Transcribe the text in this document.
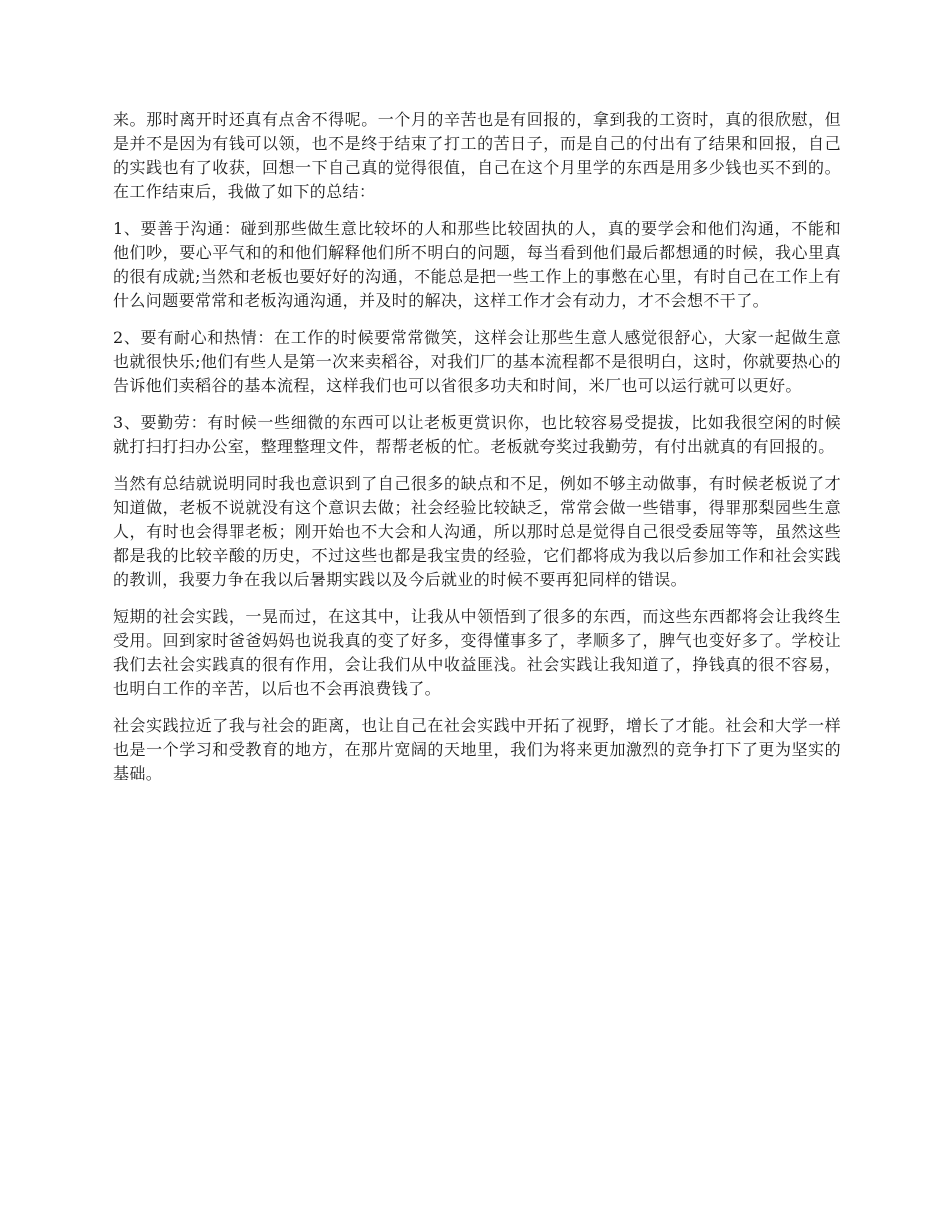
来。那时离开时还真有点舍不得呢。一个月的辛苦也是有回报的，拿到我的工资时，真的很欣慰，但是并不是因为有钱可以领，也不是终于结束了打工的苦日子，而是自己的付出有了结果和回报，自己的实践也有了收获，回想一下自己真的觉得很值，自己在这个月里学的东西是用多少钱也买不到的。在工作结束后，我做了如下的总结：

1、要善于沟通：碰到那些做生意比较坏的人和那些比较固执的人，真的要学会和他们沟通，不能和他们吵，要心平气和的和他们解释他们所不明白的问题，每当看到他们最后都想通的时候，我心里真的很有成就;当然和老板也要好好的沟通，不能总是把一些工作上的事憋在心里，有时自己在工作上有什么问题要常常和老板沟通沟通，并及时的解决，这样工作才会有动力，才不会想不干了。

2、要有耐心和热情：在工作的时候要常常微笑，这样会让那些生意人感觉很舒心，大家一起做生意也就很快乐;他们有些人是第一次来卖稻谷，对我们厂的基本流程都不是很明白，这时，你就要热心的告诉他们卖稻谷的基本流程，这样我们也可以省很多功夫和时间，米厂也可以运行就可以更好。

3、要勤劳：有时候一些细微的东西可以让老板更赏识你，也比较容易受提拔，比如我很空闲的时候就打扫打扫办公室，整理整理文件，帮帮老板的忙。老板就夸奖过我勤劳，有付出就真的有回报的。

当然有总结就说明同时我也意识到了自己很多的缺点和不足，例如不够主动做事，有时候老板说了才知道做，老板不说就没有这个意识去做；社会经验比较缺乏，常常会做一些错事，得罪那梨园些生意人，有时也会得罪老板；刚开始也不大会和人沟通，所以那时总是觉得自己很受委屈等等，虽然这些都是我的比较辛酸的历史，不过这些也都是我宝贵的经验，它们都将成为我以后参加工作和社会实践的教训，我要力争在我以后暑期实践以及今后就业的时候不要再犯同样的错误。

短期的社会实践，一晃而过，在这其中，让我从中领悟到了很多的东西，而这些东西都将会让我终生受用。回到家时爸爸妈妈也说我真的变了好多，变得懂事多了，孝顺多了，脾气也变好多了。学校让我们去社会实践真的很有作用，会让我们从中收益匪浅。社会实践让我知道了，挣钱真的很不容易，也明白工作的辛苦，以后也不会再浪费钱了。

社会实践拉近了我与社会的距离，也让自己在社会实践中开拓了视野，增长了才能。社会和大学一样也是一个学习和受教育的地方，在那片宽阔的天地里，我们为将来更加激烈的竞争打下了更为坚实的基础。
